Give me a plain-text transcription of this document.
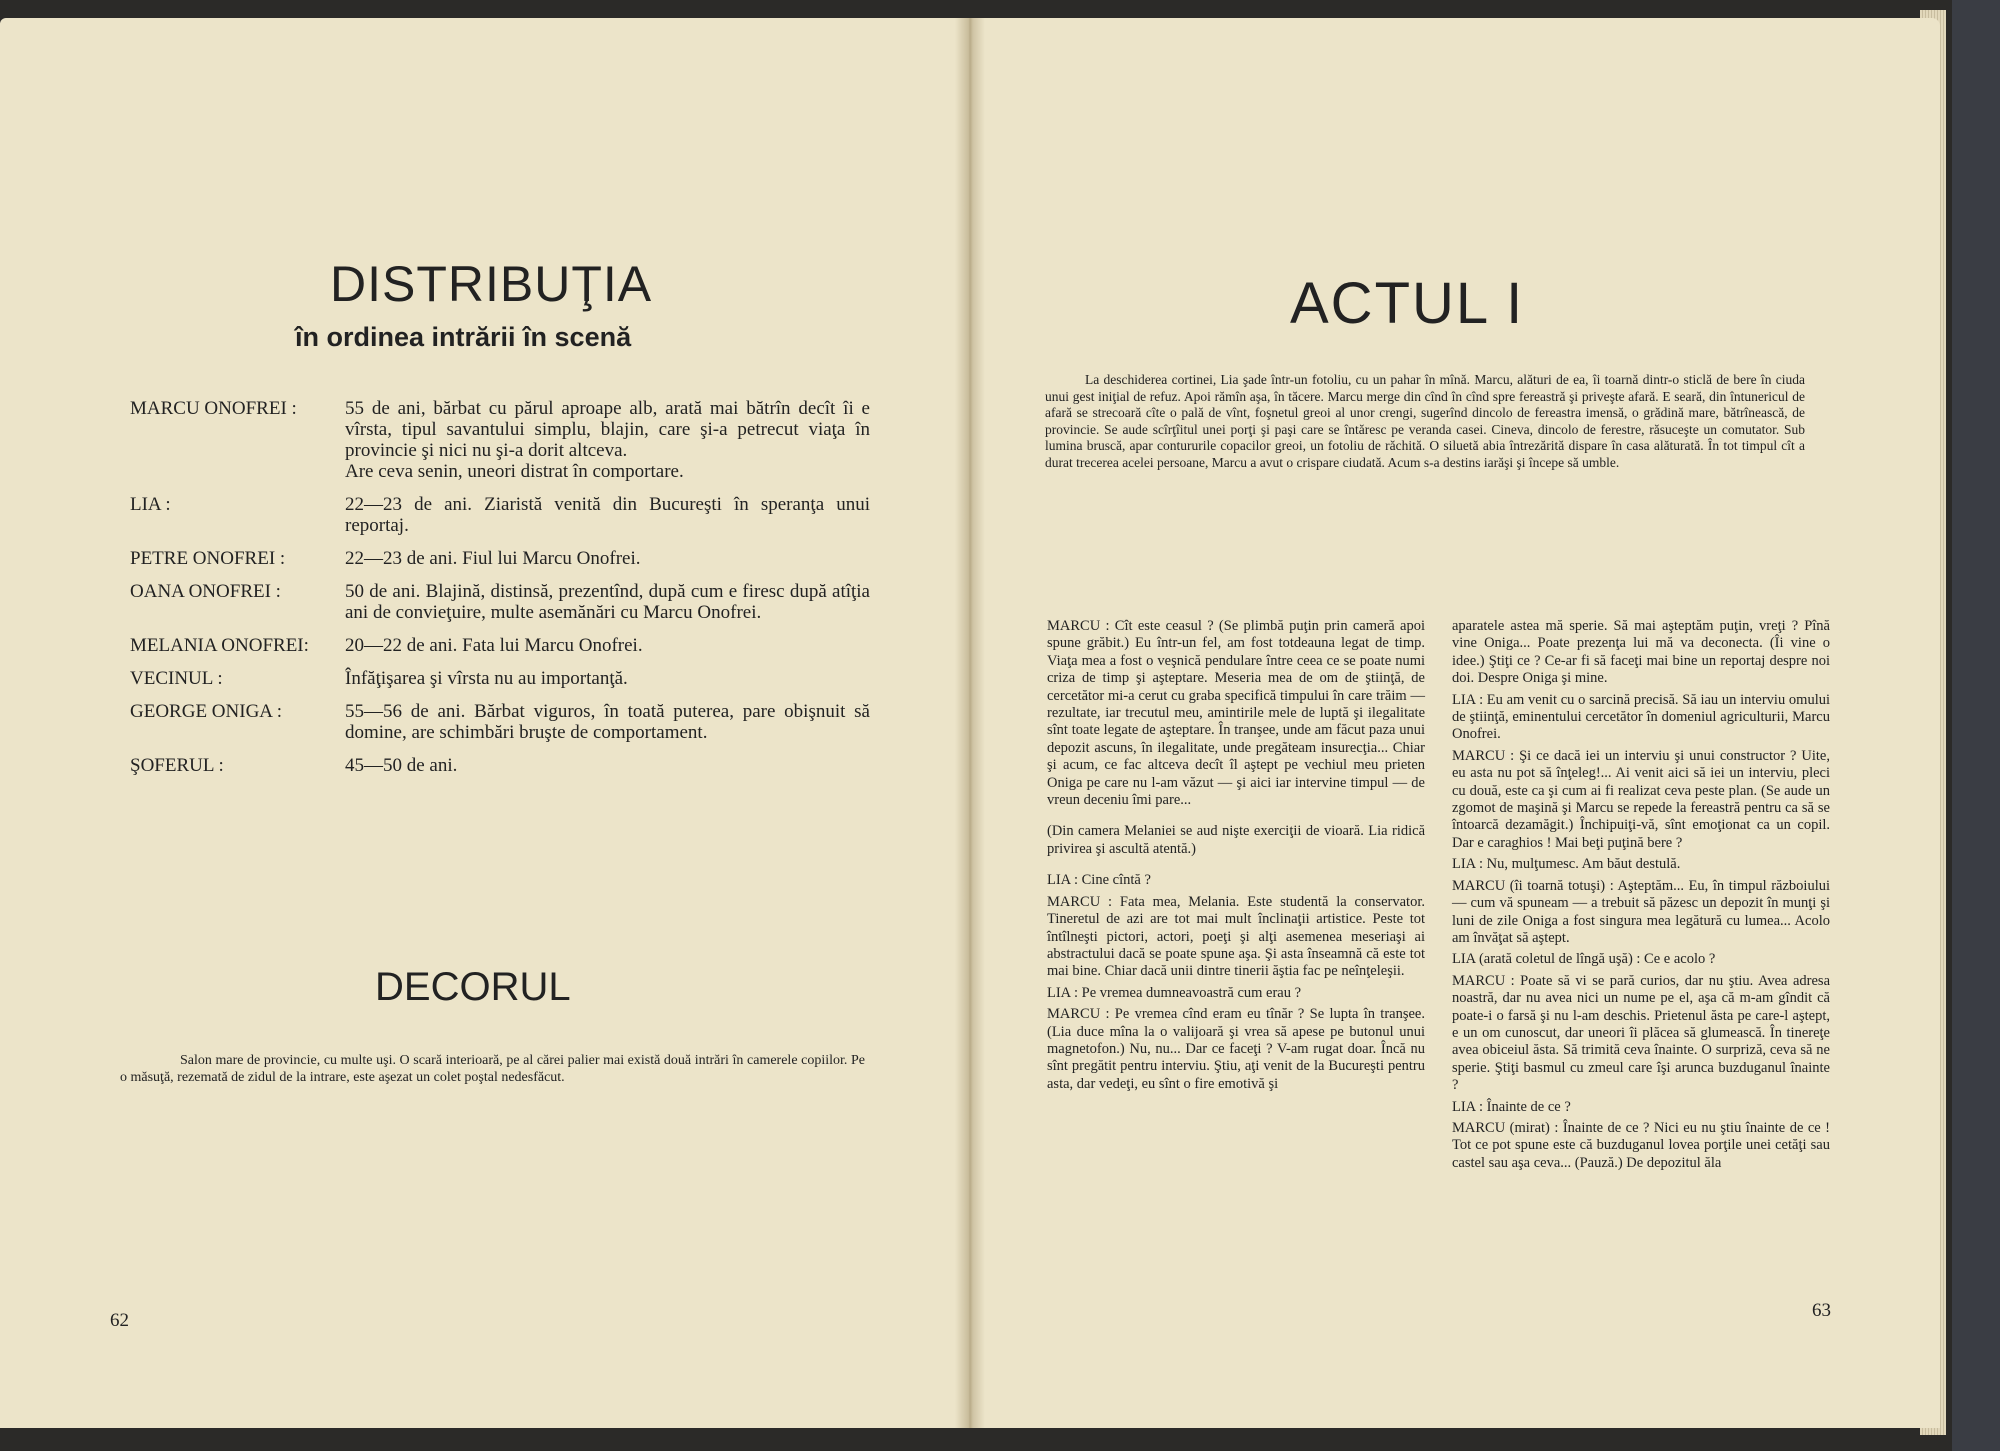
DISTRIBUŢIA
în ordinea intrării în scenă
MARCU ONOFREI :	55 de ani, bărbat cu părul aproape alb, arată mai bătrîn decît îi e vîrsta, tipul savantului simplu, blajin, care şi-a petrecut viaţa în provincie şi nici nu şi-a dorit altceva.
Are ceva senin, uneori distrat în comportare.
LIA :	22—23 de ani. Ziaristă venită din Bucureşti în speranţa unui reportaj.
PETRE ONOFREI :	22—23 de ani. Fiul lui Marcu Onofrei.
OANA ONOFREI :	50 de ani. Blajină, distinsă, prezentînd, după cum e firesc după atîţia ani de convieţuire, multe asemănări cu Marcu Onofrei.
MELANIA ONOFREI:	20—22 de ani. Fata lui Marcu Onofrei.
VECINUL :	Înfăţişarea şi vîrsta nu au importanţă.
GEORGE ONIGA :	55—56 de ani. Bărbat viguros, în toată puterea, pare obişnuit să domine, are schimbări bruşte de comportament.
ŞOFERUL :	45—50 de ani.
DECORUL
Salon mare de provincie, cu multe uşi. O scară interioară, pe al cărei palier mai există două intrări în camerele copiilor. Pe o măsuţă, rezemată de zidul de la intrare, este aşezat un colet poştal nedesfăcut.
62
ACTUL I
La deschiderea cortinei, Lia şade într-un fotoliu, cu un pahar în mînă. Marcu, alături de ea, îi toarnă dintr-o sticlă de bere în ciuda unui gest iniţial de refuz. Apoi rămîn aşa, în tăcere. Marcu merge din cînd în cînd spre fereastră şi priveşte afară. E seară, din întunericul de afară se strecoară cîte o pală de vînt, foşnetul greoi al unor crengi, sugerînd dincolo de fereastra imensă, o grădină mare, bătrînească, de provincie. Se aude scîrţîitul unei porţi şi paşi care se întăresc pe veranda casei. Cineva, dincolo de ferestre, răsuceşte un comutator. Sub lumina bruscă, apar contururile copacilor greoi, un fotoliu de răchită. O siluetă abia întrezărită dispare în casa alăturată. În tot timpul cît a durat trecerea acelei persoane, Marcu a avut o crispare ciudată. Acum s-a destins iarăşi şi începe să umble.

MARCU : Cît este ceasul ? (Se plimbă puţin prin cameră apoi spune grăbit.) Eu într-un fel, am fost totdeauna legat de timp. Viaţa mea a fost o veşnică pendulare între ceea ce se poate numi criza de timp şi aşteptare. Meseria mea de om de ştiinţă, de cercetător mi-a cerut cu graba specifică timpului în care trăim — rezultate, iar trecutul meu, amintirile mele de luptă şi ilegalitate sînt toate legate de aşteptare. În tranşee, unde am făcut paza unui depozit ascuns, în ilegalitate, unde pregăteam insurecţia... Chiar şi acum, ce fac altceva decît îl aştept pe vechiul meu prieten Oniga pe care nu l-am văzut — şi aici iar intervine timpul — de vreun deceniu îmi pare...

(Din camera Melaniei se aud nişte exerciţii de vioară. Lia ridică privirea şi ascultă atentă.)

LIA : Cine cîntă ?

MARCU : Fata mea, Melania. Este studentă la conservator. Tineretul de azi are tot mai mult înclinaţii artistice. Peste tot întîlneşti pictori, actori, poeţi şi alţi asemenea meseriaşi ai abstractului dacă se poate spune aşa. Şi asta înseamnă că este tot mai bine. Chiar dacă unii dintre tinerii ăştia fac pe neînţeleşii.

LIA : Pe vremea dumneavoastră cum erau ?

MARCU : Pe vremea cînd eram eu tînăr ? Se lupta în tranşee. (Lia duce mîna la o valijoară şi vrea să apese pe butonul unui magnetofon.) Nu, nu... Dar ce faceţi ? V-am rugat doar. Încă nu sînt pregătit pentru interviu. Ştiu, aţi venit de la Bucureşti pentru asta, dar vedeţi, eu sînt o fire emotivă şi

aparatele astea mă sperie. Să mai aşteptăm puţin, vreţi ? Pînă vine Oniga... Poate prezenţa lui mă va deconecta. (Îi vine o idee.) Ştiţi ce ? Ce-ar fi să faceţi mai bine un reportaj despre noi doi. Despre Oniga şi mine.

LIA : Eu am venit cu o sarcină precisă. Să iau un interviu omului de ştiinţă, eminentului cercetător în domeniul agriculturii, Marcu Onofrei.

MARCU : Şi ce dacă iei un interviu şi unui constructor ? Uite, eu asta nu pot să înţeleg!... Ai venit aici să iei un interviu, pleci cu două, este ca şi cum ai fi realizat ceva peste plan. (Se aude un zgomot de maşină şi Marcu se repede la fereastră pentru ca să se întoarcă dezamăgit.) Închipuiţi-vă, sînt emoţionat ca un copil. Dar e caraghios ! Mai beţi puţină bere ?

LIA : Nu, mulţumesc. Am băut destulă.

MARCU (îi toarnă totuşi) : Aşteptăm... Eu, în timpul războiului — cum vă spuneam — a trebuit să păzesc un depozit în munţi şi luni de zile Oniga a fost singura mea legătură cu lumea... Acolo am învăţat să aştept.

LIA (arată coletul de lîngă uşă) : Ce e acolo ?

MARCU : Poate să vi se pară curios, dar nu ştiu. Avea adresa noastră, dar nu avea nici un nume pe el, aşa că m-am gîndit că poate-i o farsă şi nu l-am deschis. Prietenul ăsta pe care-l aştept, e un om cunoscut, dar uneori îi plăcea să glumească. În tinereţe avea obiceiul ăsta. Să trimită ceva înainte. O surpriză, ceva să ne sperie. Ştiţi basmul cu zmeul care îşi arunca buzduganul înainte ?

LIA : Înainte de ce ?

MARCU (mirat) : Înainte de ce ? Nici eu nu ştiu înainte de ce ! Tot ce pot spune este că buzduganul lovea porţile unei cetăţi sau castel sau aşa ceva... (Pauză.) De depozitul ăla

63
